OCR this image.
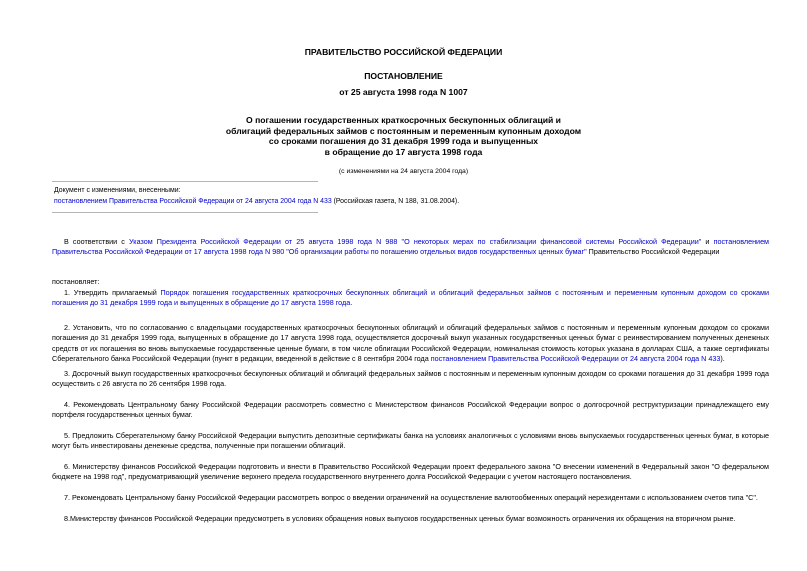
ПРАВИТЕЛЬСТВО РОССИЙСКОЙ ФЕДЕРАЦИИ
ПОСТАНОВЛЕНИЕ
от 25 августа 1998 года N 1007
О погашении государственных краткосрочных бескупонных облигаций и
облигаций федеральных займов с постоянным и переменным купонным доходом
со сроками погашения до 31 декабря 1999 года и выпущенных
в обращение до 17 августа 1998 года
(с изменениями на 24 августа 2004 года)
Документ с изменениями, внесенными:
постановлением Правительства Российской Федерации от 24 августа 2004 года N 433 (Российская газета, N 188, 31.08.2004).
В соответствии с Указом Президента Российской Федерации от 25 августа 1998 года N 988 "О некоторых мерах по стабилизации финансовой системы Российской Федерации" и постановлением Правительства Российской Федерации от 17 августа 1998 года N 980 "Об организации работы по погашению отдельных видов государственных ценных бумаг" Правительство Российской Федерации
постановляет:
1. Утвердить прилагаемый Порядок погашения государственных краткосрочных бескупонных облигаций и облигаций федеральных займов с постоянным и переменным купонным доходом со сроками погашения до 31 декабря 1999 года и выпущенных в обращение до 17 августа 1998 года.
2. Установить, что по согласованию с владельцами государственных краткосрочных бескупонных облигаций и облигаций федеральных займов с постоянным и переменным купонным доходом со сроками погашения до 31 декабря 1999 года, выпущенных в обращение до 17 августа 1998 года, осуществляется досрочный выкуп указанных государственных ценных бумаг с реинвестированием полученных денежных средств от их погашения во вновь выпускаемые государственные ценные бумаги, в том числе облигации Российской Федерации, номинальная стоимость которых указана в долларах США, а также сертификаты Сберегательного банка Российской Федерации (пункт в редакции, введенной в действие с 8 сентября 2004 года постановлением Правительства Российской Федерации от 24 августа 2004 года N 433).
3. Досрочный выкуп государственных краткосрочных бескупонных облигаций и облигаций федеральных займов с постоянным и переменным купонным доходом со сроками погашения до 31 декабря 1999 года осуществить с 26 августа по 26 сентября 1998 года.
4. Рекомендовать Центральному банку Российской Федерации рассмотреть совместно с Министерством финансов Российской Федерации вопрос о долгосрочной реструктуризации принадлежащего ему портфеля государственных ценных бумаг.
5. Предложить Сберегательному банку Российской Федерации выпустить депозитные сертификаты банка на условиях аналогичных с условиями вновь выпускаемых государственных ценных бумаг, в которые могут быть инвестированы денежные средства, полученные при погашении облигаций.
6. Министерству финансов Российской Федерации подготовить и внести в Правительство Российской Федерации проект федерального закона "О внесении изменений в Федеральный закон "О федеральном бюджете на 1998 год", предусматривающий увеличение верхнего предела государственного внутреннего долга Российской Федерации с учетом настоящего постановления.
7. Рекомендовать Центральному банку Российской Федерации рассмотреть вопрос о введении ограничений на осуществление валютообменных операций нерезидентами с использованием счетов типа "С".
8.Министерству финансов Российской Федерации предусмотреть в условиях обращения новых выпусков государственных ценных бумаг возможность ограничения их обращения на вторичном рынке.
